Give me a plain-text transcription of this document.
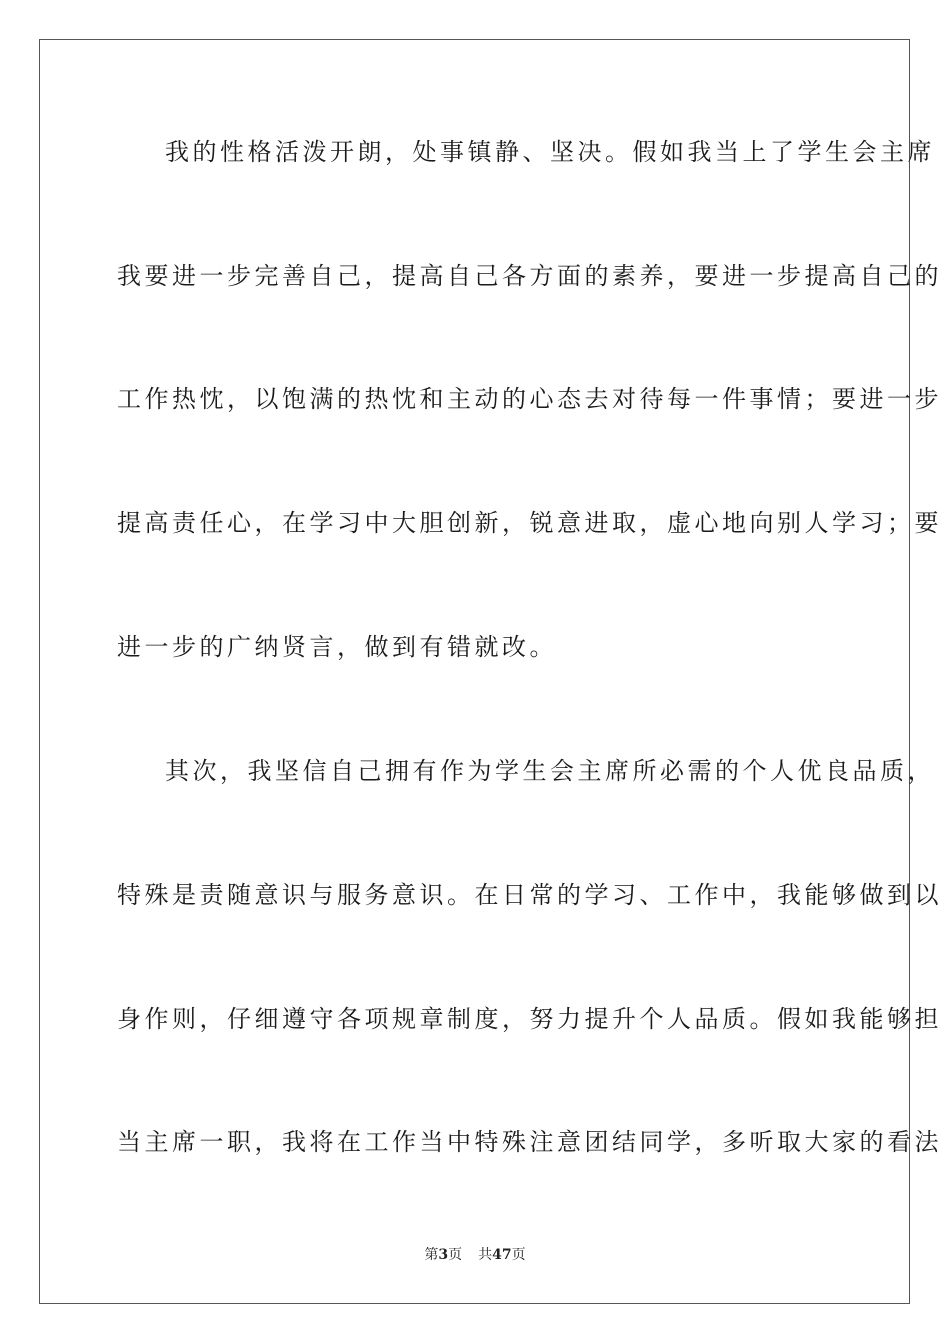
我的性格活泼开朗，处事镇静、坚决。假如我当上了学生会主席
我要进一步完善自己，提高自己各方面的素养，要进一步提高自己的
工作热忱，以饱满的热忱和主动的心态去对待每一件事情；要进一步
提高责任心，在学习中大胆创新，锐意进取，虚心地向别人学习；要
进一步的广纳贤言，做到有错就改。
其次，我坚信自己拥有作为学生会主席所必需的个人优良品质，
特殊是责随意识与服务意识。在日常的学习、工作中，我能够做到以
身作则，仔细遵守各项规章制度，努力提升个人品质。假如我能够担
当主席一职，我将在工作当中特殊注意团结同学，多听取大家的看法
第3页 共47页
